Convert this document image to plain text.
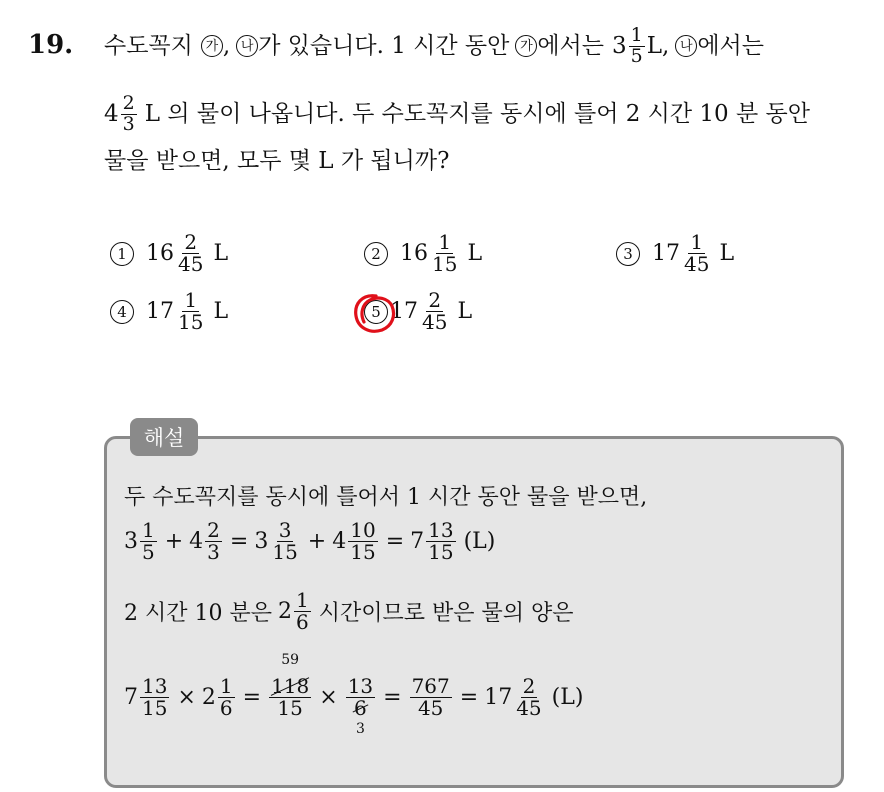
19. 수도꼭지 가 , 나 가 있습니다. 1 시간 동안 가 에서는 $3 \frac{1}{5} L$, 나 에서는
$4 \frac{2}{3}$ L 의 물이 나옵니다. 두 수도꼭지를 동시에 틀어 2 시간 10 분 동안
물을 받으면, 모두 몇 L 가 됩니까?
1 $16 \frac{2}{45}$ L	2 $16 \frac{1}{15}$ L	3 $17 \frac{1}{45}$ L
4 $17 \frac{1}{15}$ L	5 $17 \frac{2}{45}$ L
해설
두 수도꼭지를 동시에 틀어서 1 시간 동안 물을 받으면,
$3 \frac{1}{5} + 4 \frac{2}{3} = 3 \frac{3}{15} + 4 \frac{10}{15} = 7 \frac{13}{15} (L)$
2 시간 10 분은 $2 \frac{1}{6}$ 시간이므로 받은 물의 양은
$7 \frac{13}{15} \times 2 \frac{1}{6}$ =
59
118
15 × 13
6
3
= $\frac{767}{45} = 17 \frac{2}{45} (L)$
